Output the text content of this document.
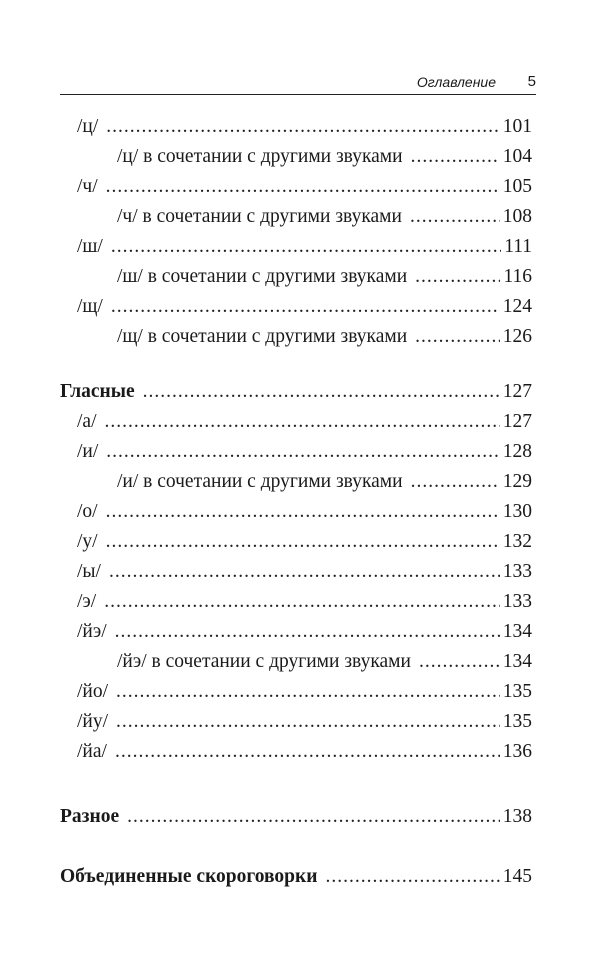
Оглавление 5
/ц/ .....	101
/ц/ в сочетании с другими звуками .....	104
/ч/ .....	105
/ч/ в сочетании с другими звуками .....	108
/ш/ .....	111
/ш/ в сочетании с другими звуками .....	116
/щ/ .....	124
/щ/ в сочетании с другими звуками .....	126
Гласные .....	127
/а/ .....	127
/и/ .....	128
/и/ в сочетании с другими звуками .....	129
/о/ .....	130
/у/ .....	132
/ы/ .....	133
/э/ .....	133
/йэ/ .....	134
/йэ/ в сочетании с другими звуками .....	134
/йо/ .....	135
/йу/ .....	135
/йа/ .....	136
Разное .....	138
Объединенные скороговорки .....	145
